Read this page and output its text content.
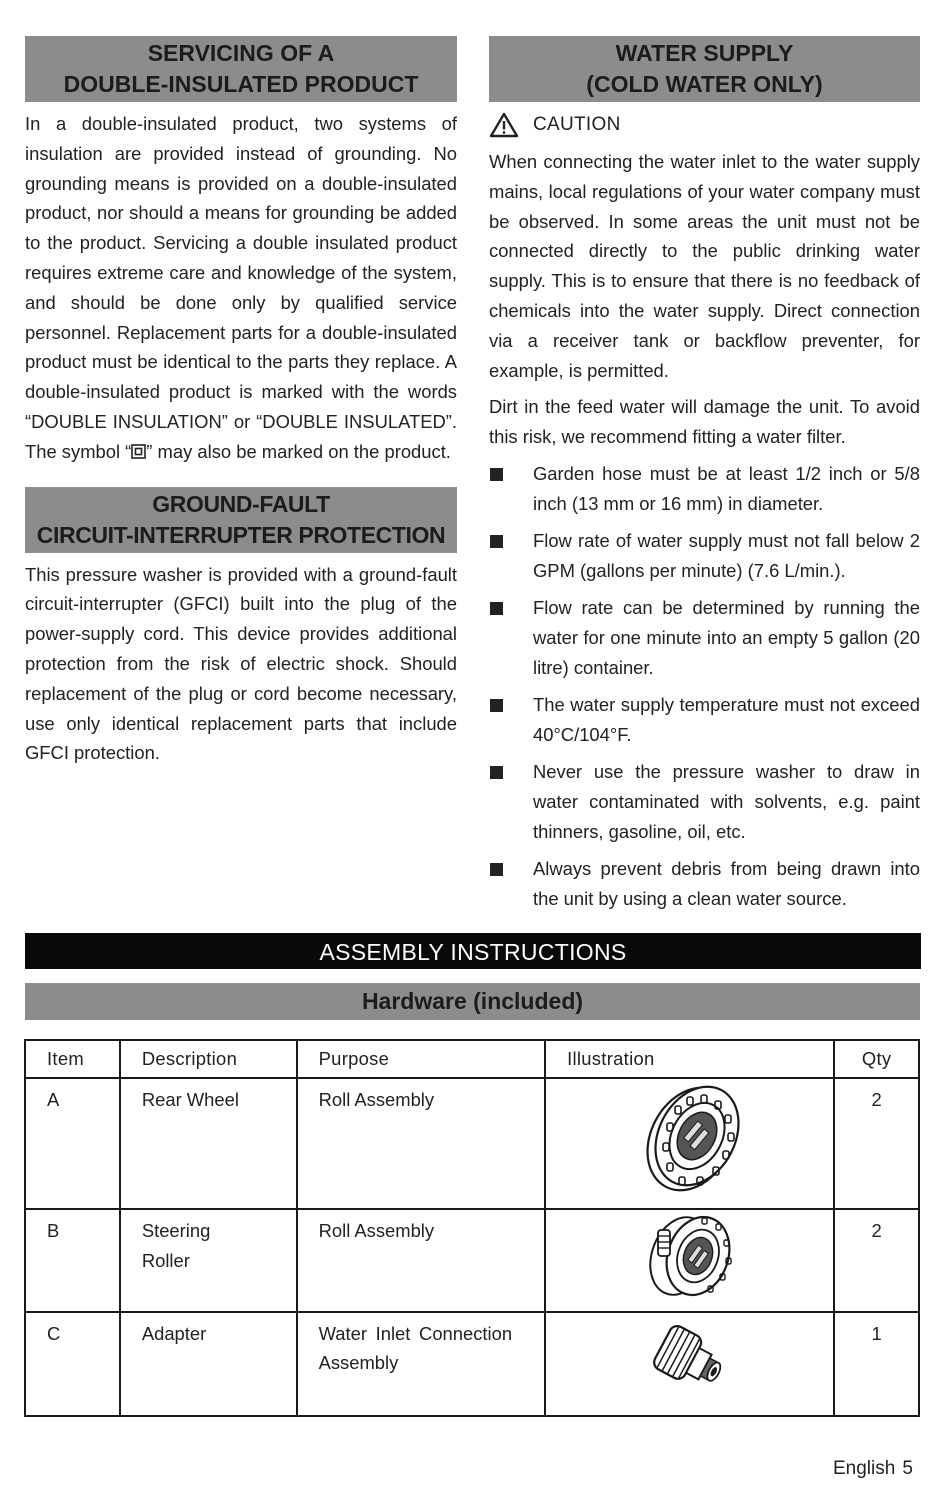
SERVICING OF A
DOUBLE-INSULATED PRODUCT

In a double-insulated product, two systems of insulation are provided instead of grounding. No grounding means is provided on a double-insulated product, nor should a means for grounding be added to the product. Servicing a double insulated product requires extreme care and knowledge of the system, and should be done only by qualified service personnel. Replacement parts for a double-insulated product must be identical to the parts they replace. A double-insulated product is marked with the words “DOUBLE INSULATION” or “DOUBLE INSULATED”. The symbol “ ” may also be marked on the product.

GROUND-FAULT
CIRCUIT-INTERRUPTER PROTECTION

This pressure washer is provided with a ground-fault circuit-interrupter (GFCI) built into the plug of the power-supply cord. This device provides additional protection from the risk of electric shock. Should replacement of the plug or cord become necessary, use only identical replacement parts that include GFCI protection.

WATER SUPPLY
(COLD WATER ONLY)
CAUTION

When connecting the water inlet to the water supply mains, local regulations of your water company must be observed. In some areas the unit must not be connected directly to the public drinking water supply. This is to ensure that there is no feedback of chemicals into the water supply. Direct connection via a receiver tank or backflow preventer, for example, is permitted.

Dirt in the feed water will damage the unit. To avoid this risk, we recommend fitting a water filter.

Garden hose must be at least 1/2 inch or 5/8 inch (13 mm or 16 mm) in diameter.
Flow rate of water supply must not fall below 2 GPM (gallons per minute) (7.6 L/min.).
Flow rate can be determined by running the water for one minute into an empty 5 gallon (20 litre) container.
The water supply temperature must not exceed 40°C/104°F.
Never use the pressure washer to draw in water contaminated with solvents, e.g. paint thinners, gasoline, oil, etc.
Always prevent debris from being drawn into the unit by using a clean water source.
ASSEMBLY INSTRUCTIONS
Hardware (included)
Item	Description	Purpose	Illustration	Qty
A	Rear Wheel	Roll Assembly		2
B	Steering Roller	Roll Assembly		2
C	Adapter	Water Inlet Connection Assembly		1
English 5
